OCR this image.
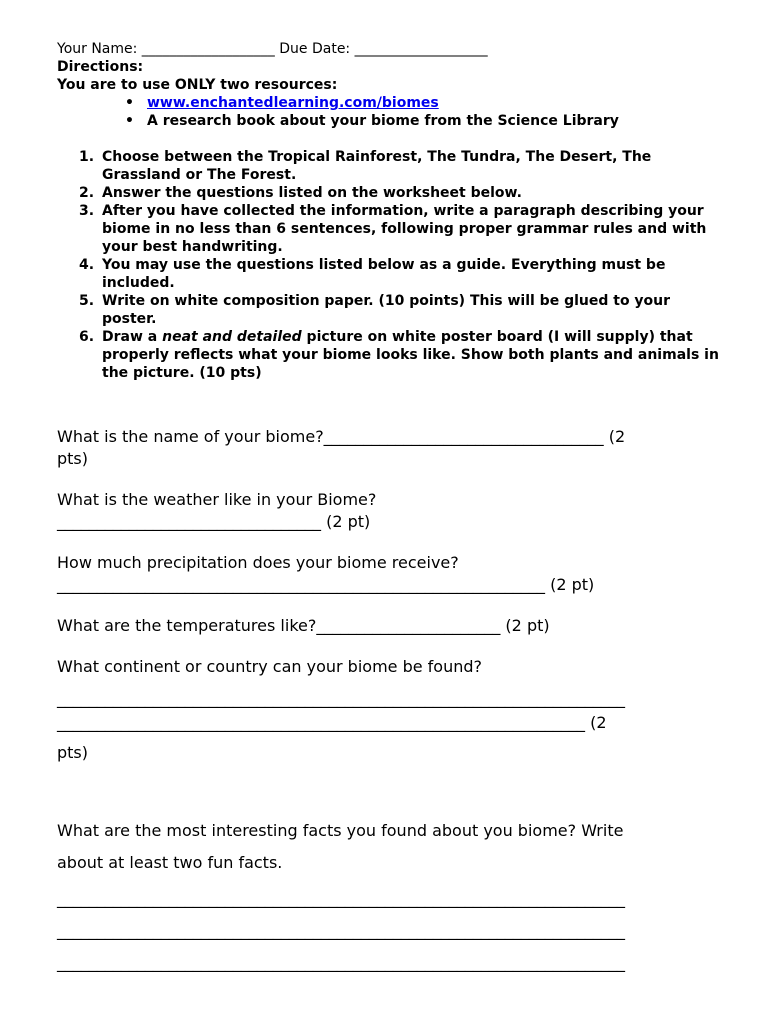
Your Name: ___________________ Due Date: ___________________
Directions:
You are to use ONLY two resources:
• www.enchantedlearning.com/biomes
• A research book about your biome from the Science Library
1. Choose between the Tropical Rainforest, The Tundra, The Desert, The Grassland or The Forest.
2. Answer the questions listed on the worksheet below.
3. After you have collected the information, write a paragraph describing your biome in no less than 6 sentences, following proper grammar rules and with your best handwriting.
4. You may use the questions listed below as a guide. Everything must be included.
5. Write on white composition paper. (10 points) This will be glued to your poster.
6. Draw a neat and detailed picture on white poster board (I will supply) that properly reflects what your biome looks like. Show both plants and animals in the picture. (10 pts)
What is the name of your biome?___________________________________ (2
pts)
What is the weather like in your Biome?
_________________________________ (2 pt)
How much precipitation does your biome receive?
_____________________________________________________________ (2 pt)
What are the temperatures like?_______________________ (2 pt)
What continent or country can your biome be found?
_______________________________________________________________________
__________________________________________________________________ (2
pts)
What are the most interesting facts you found about you biome? Write
about at least two fun facts.
_______________________________________________________________________
_______________________________________________________________________
_______________________________________________________________________
